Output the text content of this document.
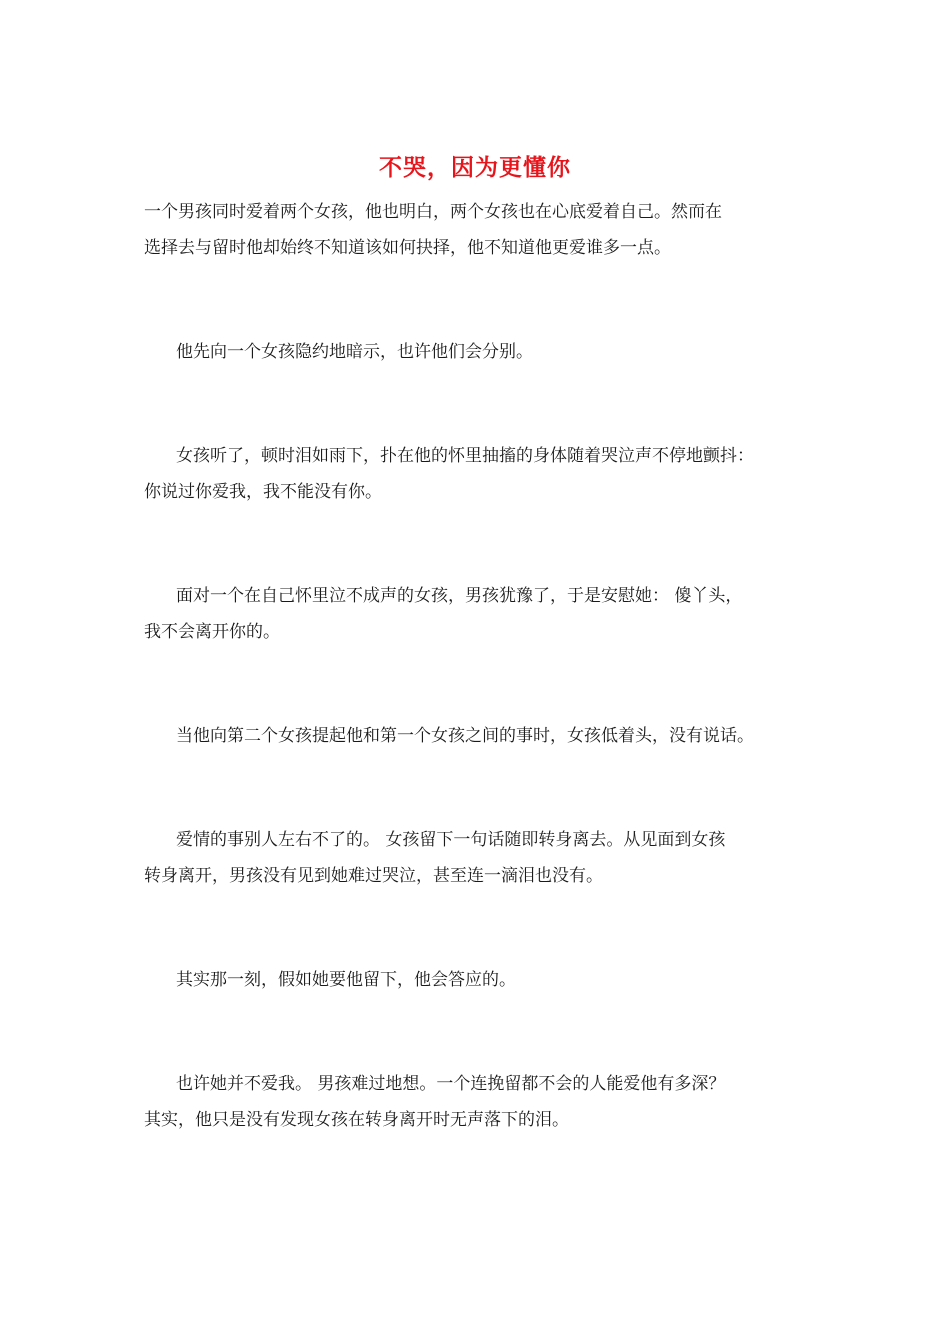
不哭，因为更懂你
一个男孩同时爱着两个女孩，他也明白，两个女孩也在心底爱着自己。然而在
选择去与留时他却始终不知道该如何抉择，他不知道他更爱谁多一点。
他先向一个女孩隐约地暗示，也许他们会分别。
女孩听了，顿时泪如雨下，扑在他的怀里抽搐的身体随着哭泣声不停地颤抖：
你说过你爱我，我不能没有你。
面对一个在自己怀里泣不成声的女孩，男孩犹豫了，于是安慰她： 傻丫头，
我不会离开你的。
当他向第二个女孩提起他和第一个女孩之间的事时，女孩低着头，没有说话。
爱情的事别人左右不了的。 女孩留下一句话随即转身离去。从见面到女孩
转身离开，男孩没有见到她难过哭泣，甚至连一滴泪也没有。
其实那一刻，假如她要他留下，他会答应的。
也许她并不爱我。 男孩难过地想。一个连挽留都不会的人能爱他有多深？
其实，他只是没有发现女孩在转身离开时无声落下的泪。
